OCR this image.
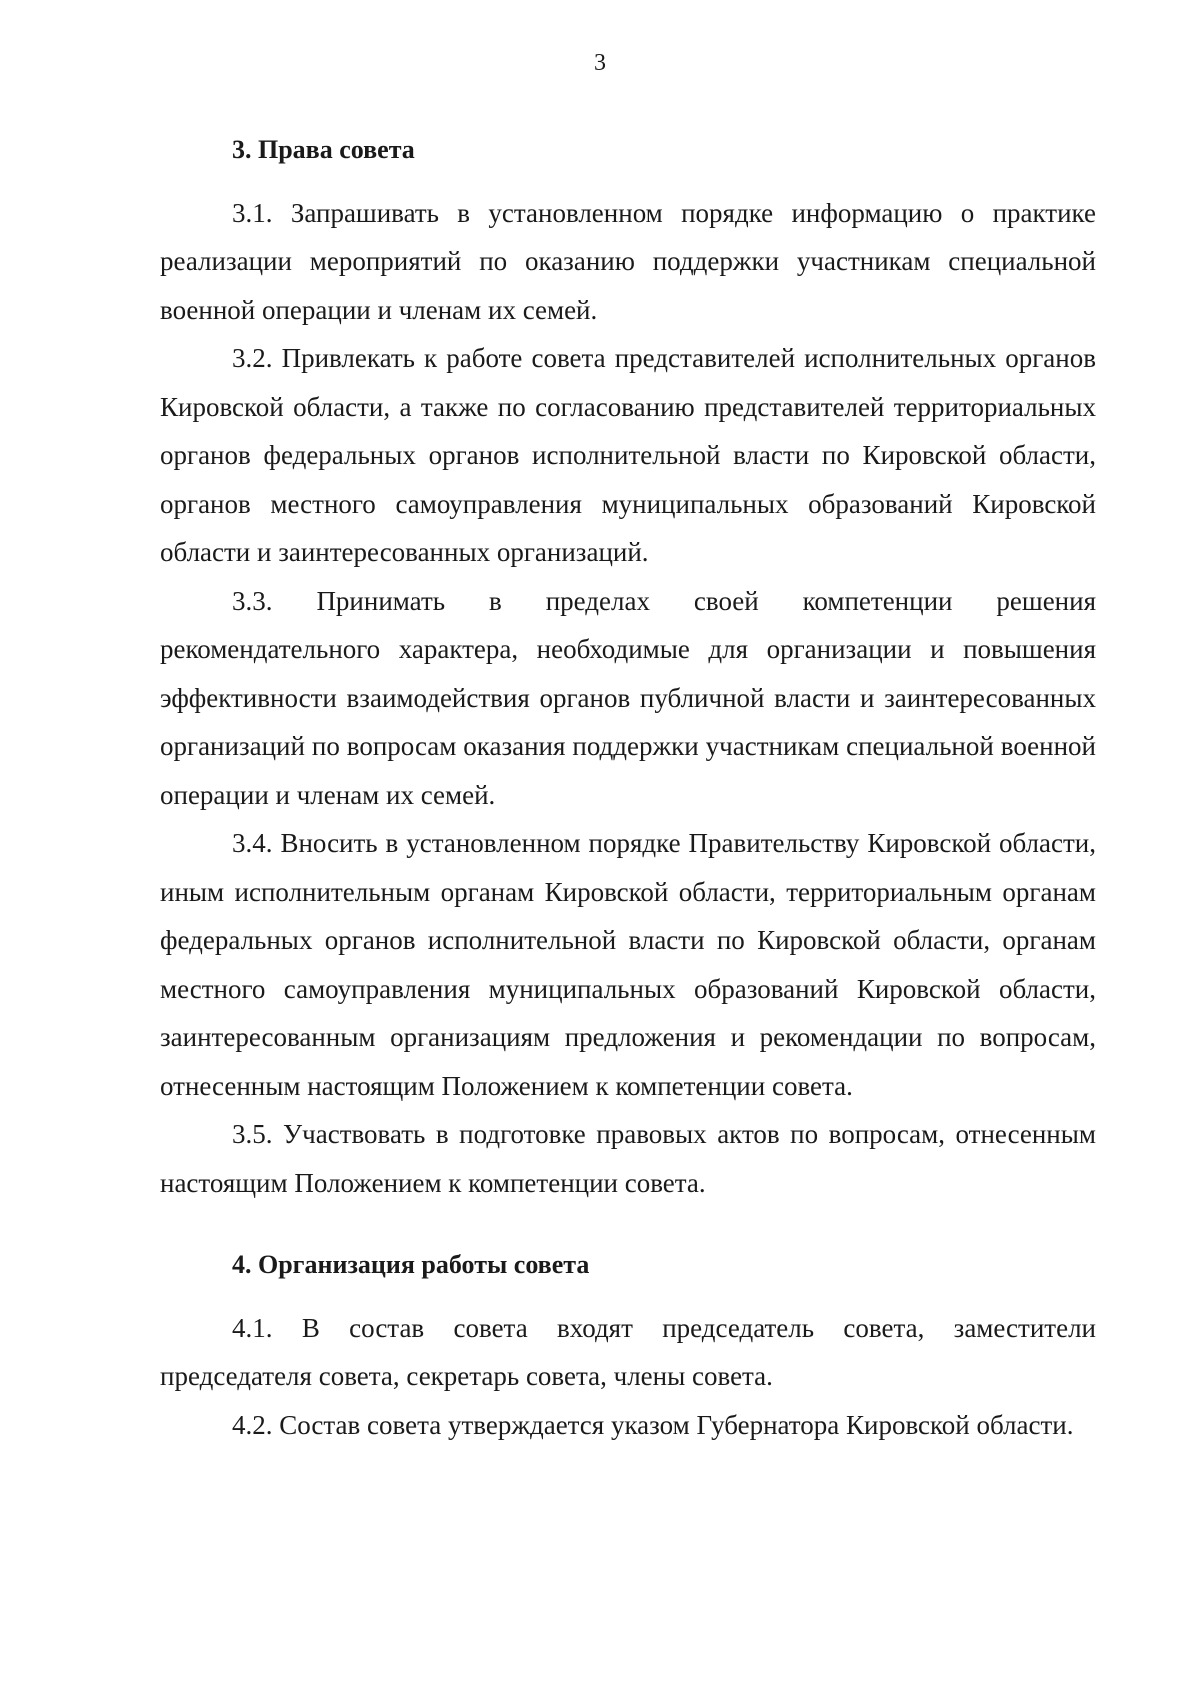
3

3. Права совета

3.1. Запрашивать в установленном порядке информацию о практике реализации мероприятий по оказанию поддержки участникам специальной военной операции и членам их семей.

3.2. Привлекать к работе совета представителей исполнительных органов Кировской области, а также по согласованию представителей территориальных органов федеральных органов исполнительной власти по Кировской области, органов местного самоуправления муниципальных образований Кировской области и заинтересованных организаций.

3.3. Принимать в пределах своей компетенции решения рекомендательного характера, необходимые для организации и повышения эффективности взаимодействия органов публичной власти и заинтересованных организаций по вопросам оказания поддержки участникам специальной военной операции и членам их семей.

3.4. Вносить в установленном порядке Правительству Кировской области, иным исполнительным органам Кировской области, территориальным органам федеральных органов исполнительной власти по Кировской области, органам местного самоуправления муниципальных образований Кировской области, заинтересованным организациям предложения и рекомендации по вопросам, отнесенным настоящим Положением к компетенции совета.

3.5. Участвовать в подготовке правовых актов по вопросам, отнесенным настоящим Положением к компетенции совета.

4. Организация работы совета

4.1. В состав совета входят председатель совета, заместители председателя совета, секретарь совета, члены совета.

4.2. Состав совета утверждается указом Губернатора Кировской области.
